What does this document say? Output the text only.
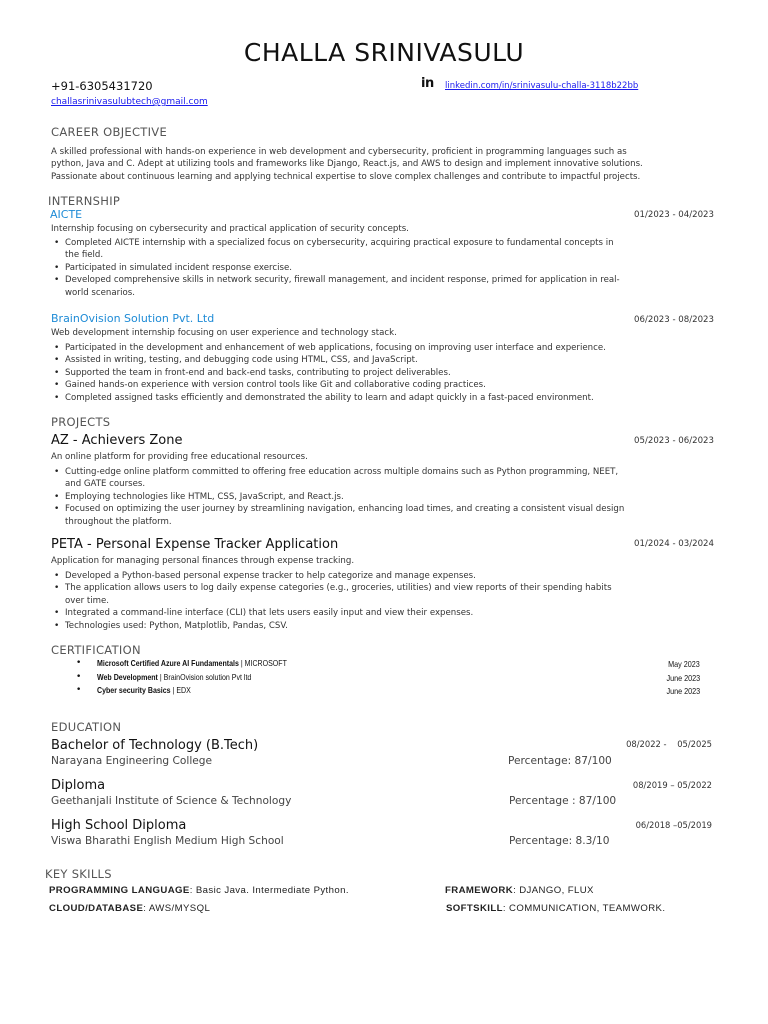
CHALLA SRINIVASULU
+91-6305431720
challasrinivasulubtech@gmail.com
in linkedin.com/in/srinivasulu-challa-3118b22bb
CAREER OBJECTIVE
A skilled professional with hands-on experience in web development and cybersecurity, proficient in programming languages such as
python, Java and C. Adept at utilizing tools and frameworks like Django, React.js, and AWS to design and implement innovative solutions.
Passionate about continuous learning and applying technical expertise to slove complex challenges and contribute to impactful projects.
INTERNSHIP
AICTE	01/2023 - 04/2023
Internship focusing on cybersecurity and practical application of security concepts.
• Completed AICTE internship with a specialized focus on cybersecurity, acquiring practical exposure to fundamental concepts in
the field.
• Participated in simulated incident response exercise.
• Developed comprehensive skills in network security, firewall management, and incident response, primed for application in real-
world scenarios.
BrainOvision Solution Pvt. Ltd	06/2023 - 08/2023
Web development internship focusing on user experience and technology stack.
• Participated in the development and enhancement of web applications, focusing on improving user interface and experience.
• Assisted in writing, testing, and debugging code using HTML, CSS, and JavaScript.
• Supported the team in front-end and back-end tasks, contributing to project deliverables.
• Gained hands-on experience with version control tools like Git and collaborative coding practices.
• Completed assigned tasks efficiently and demonstrated the ability to learn and adapt quickly in a fast-paced environment.
PROJECTS
AZ - Achievers Zone	05/2023 - 06/2023
An online platform for providing free educational resources.
• Cutting-edge online platform committed to offering free education across multiple domains such as Python programming, NEET,
and GATE courses.
• Employing technologies like HTML, CSS, JavaScript, and React.js.
• Focused on optimizing the user journey by streamlining navigation, enhancing load times, and creating a consistent visual design
throughout the platform.
PETA - Personal Expense Tracker Application	01/2024 - 03/2024
Application for managing personal finances through expense tracking.
• Developed a Python-based personal expense tracker to help categorize and manage expenses.
• The application allows users to log daily expense categories (e.g., groceries, utilities) and view reports of their spending habits
over time.
• Integrated a command-line interface (CLI) that lets users easily input and view their expenses.
• Technologies used: Python, Matplotlib, Pandas, CSV.
CERTIFICATION
• Microsoft Certified Azure AI Fundamentals | MICROSOFT	May 2023
• Web Development | BrainOvision solution Pvt ltd	June 2023
• Cyber security Basics | EDX	June 2023
EDUCATION
Bachelor of Technology (B.Tech)	08/2022 -    05/2025
Narayana Engineering College	Percentage: 87/100
Diploma	08/2019 – 05/2022
Geethanjali Institute of Science & Technology	Percentage : 87/100
High School Diploma	06/2018 –05/2019
Viswa Bharathi English Medium High School	Percentage: 8.3/10
KEY SKILLS
PROGRAMMING LANGUAGE: Basic Java. Intermediate Python.	FRAMEWORK: DJANGO, FLUX
CLOUD/DATABASE: AWS/MYSQL	SOFTSKILL: COMMUNICATION, TEAMWORK.
